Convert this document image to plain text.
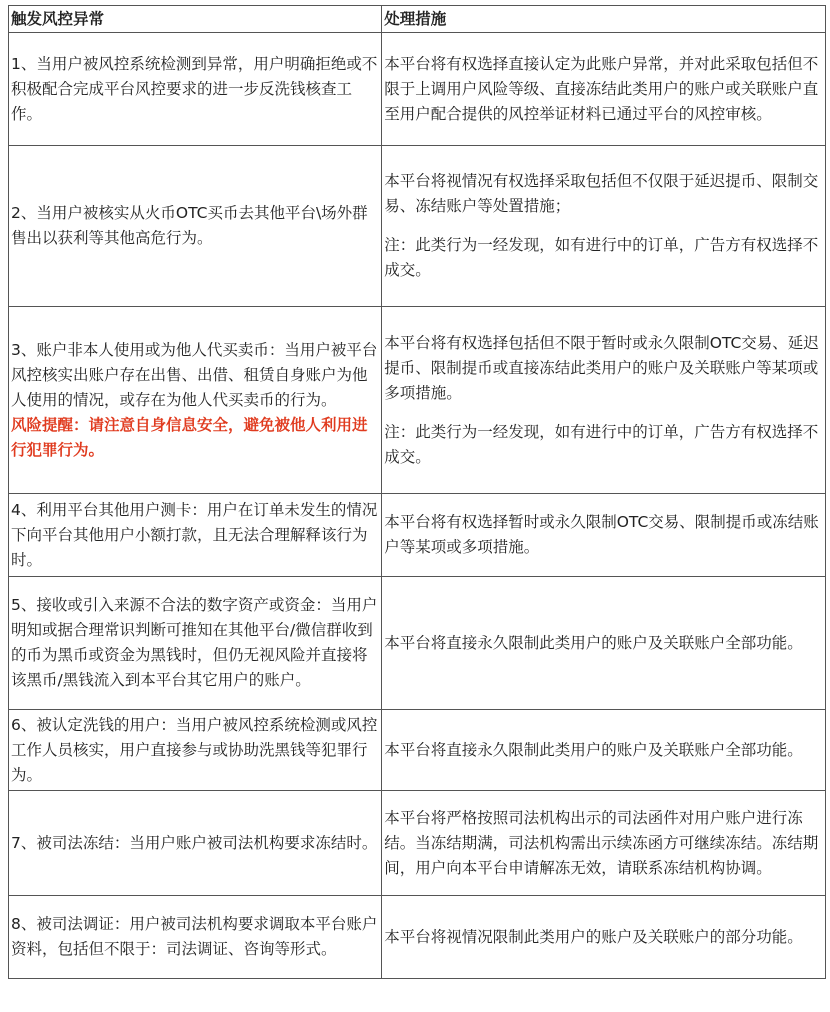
触发风控异常	处理措施
1、当用户被风控系统检测到异常，用户明确拒绝或不积极配合完成平台风控要求的进一步反洗钱核查工作。	本平台将有权选择直接认定为此账户异常，并对此采取包括但不限于上调用户风险等级、直接冻结此类用户的账户或关联账户直至用户配合提供的风控举证材料已通过平台的风控审核。

2、当用户被核实从火币OTC买币去其他平台\场外群售出以获利等其他高危行为。	本平台将视情况有权选择采取包括但不仅限于延迟提币、限制交易、冻结账户等处置措施；
注：此类行为一经发现，如有进行中的订单，广告方有权选择不成交。

3、账户非本人使用或为他人代买卖币：当用户被平台风控核实出账户存在出售、出借、租赁自身账户为他人使用的情况，或存在为他人代买卖币的行为。
风险提醒：请注意自身信息安全，避免被他人利用进行犯罪行为。	本平台将有权选择包括但不限于暂时或永久限制OTC交易、延迟提币、限制提币或直接冻结此类用户的账户及关联账户等某项或多项措施。
注：此类行为一经发现，如有进行中的订单，广告方有权选择不成交。

4、利用平台其他用户测卡：用户在订单未发生的情况下向平台其他用户小额打款，且无法合理解释该行为时。	本平台将有权选择暂时或永久限制OTC交易、限制提币或冻结账户等某项或多项措施。

5、接收或引入来源不合法的数字资产或资金：当用户明知或据合理常识判断可推知在其他平台/微信群收到的币为黑币或资金为黑钱时，但仍无视风险并直接将该黑币/黑钱流入到本平台其它用户的账户。	本平台将直接永久限制此类用户的账户及关联账户全部功能。

6、被认定洗钱的用户：当用户被风控系统检测或风控工作人员核实，用户直接参与或协助洗黑钱等犯罪行为。	本平台将直接永久限制此类用户的账户及关联账户全部功能。

7、被司法冻结：当用户账户被司法机构要求冻结时。	本平台将严格按照司法机构出示的司法函件对用户账户进行冻结。当冻结期满，司法机构需出示续冻函方可继续冻结。冻结期间，用户向本平台申请解冻无效，请联系冻结机构协调。

8、被司法调证：用户被司法机构要求调取本平台账户资料，包括但不限于：司法调证、咨询等形式。	本平台将视情况限制此类用户的账户及关联账户的部分功能。
